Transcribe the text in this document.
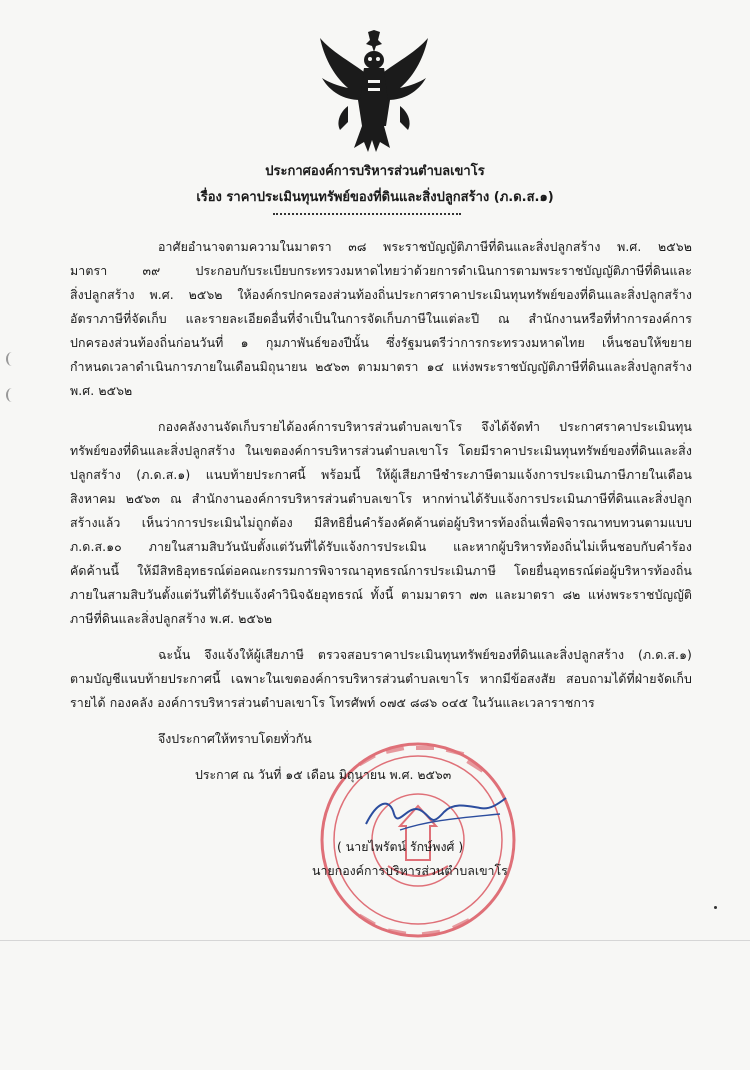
ประกาศองค์การบริหารส่วนตำบลเขาโร
เรื่อง ราคาประเมินทุนทรัพย์ของที่ดินและสิ่งปลูกสร้าง (ภ.ด.ส.๑)
อาศัยอำนาจตามความในมาตรา ๓๘ พระราชบัญญัติภาษีที่ดินและสิ่งปลูกสร้าง พ.ศ. ๒๕๖๒
มาตรา ๓๙ ประกอบกับระเบียบกระทรวงมหาดไทยว่าด้วยการดำเนินการตามพระราชบัญญัติภาษีที่ดินและ
สิ่งปลูกสร้าง พ.ศ. ๒๕๖๒ ให้องค์กรปกครองส่วนท้องถิ่นประกาศราคาประเมินทุนทรัพย์ของที่ดินและสิ่งปลูกสร้าง
อัตราภาษีที่จัดเก็บ และรายละเอียดอื่นที่จำเป็นในการจัดเก็บภาษีในแต่ละปี ณ สำนักงานหรือที่ทำการองค์การ
ปกครองส่วนท้องถิ่นก่อนวันที่ ๑ กุมภาพันธ์ของปีนั้น ซึ่งรัฐมนตรีว่าการกระทรวงมหาดไทย เห็นชอบให้ขยาย
กำหนดเวลาดำเนินการภายในเดือนมิถุนายน ๒๕๖๓ ตามมาตรา ๑๔ แห่งพระราชบัญญัติภาษีที่ดินและสิ่งปลูกสร้าง
พ.ศ. ๒๕๖๒
กองคลังงานจัดเก็บรายได้องค์การบริหารส่วนตำบลเขาโร จึงได้จัดทำ ประกาศราคาประเมินทุน
ทรัพย์ของที่ดินและสิ่งปลูกสร้าง ในเขตองค์การบริหารส่วนตำบลเขาโร โดยมีราคาประเมินทุนทรัพย์ของที่ดินและสิ่ง
ปลูกสร้าง (ภ.ด.ส.๑) แนบท้ายประกาศนี้ พร้อมนี้ ให้ผู้เสียภาษีชำระภาษีตามแจ้งการประเมินภาษีภายในเดือน
สิงหาคม ๒๕๖๓ ณ สำนักงานองค์การบริหารส่วนตำบลเขาโร หากท่านได้รับแจ้งการประเมินภาษีที่ดินและสิ่งปลูก
สร้างแล้ว เห็นว่าการประเมินไม่ถูกต้อง มีสิทธิยื่นคำร้องคัดค้านต่อผู้บริหารท้องถิ่นเพื่อพิจารณาทบทวนตามแบบ
ภ.ด.ส.๑๐ ภายในสามสิบวันนับตั้งแต่วันที่ได้รับแจ้งการประเมิน และหากผู้บริหารท้องถิ่นไม่เห็นชอบกับคำร้อง
คัดค้านนี้ ให้มีสิทธิอุทธรณ์ต่อคณะกรรมการพิจารณาอุทธรณ์การประเมินภาษี โดยยื่นอุทธรณ์ต่อผู้บริหารท้องถิ่น
ภายในสามสิบวันตั้งแต่วันที่ได้รับแจ้งคำวินิจฉัยอุทธรณ์ ทั้งนี้ ตามมาตรา ๗๓ และมาตรา ๘๒ แห่งพระราชบัญญัติ
ภาษีที่ดินและสิ่งปลูกสร้าง พ.ศ. ๒๕๖๒
ฉะนั้น จึงแจ้งให้ผู้เสียภาษี ตรวจสอบราคาประเมินทุนทรัพย์ของที่ดินและสิ่งปลูกสร้าง (ภ.ด.ส.๑)
ตามบัญชีแนบท้ายประกาศนี้ เฉพาะในเขตองค์การบริหารส่วนตำบลเขาโร หากมีข้อสงสัย สอบถามได้ที่ฝ่ายจัดเก็บ
รายได้ กองคลัง องค์การบริหารส่วนตำบลเขาโร โทรศัพท์ ๐๗๕ ๘๘๖ ๐๔๕ ในวันและเวลาราชการ
จึงประกาศให้ทราบโดยทั่วกัน
ประกาศ ณ วันที่ ๑๕ เดือน มิถุนายน พ.ศ. ๒๕๖๓
( นายไพรัตน์ รักษ์พงศ์ )
นายกองค์การบริหารส่วนตำบลเขาโร
